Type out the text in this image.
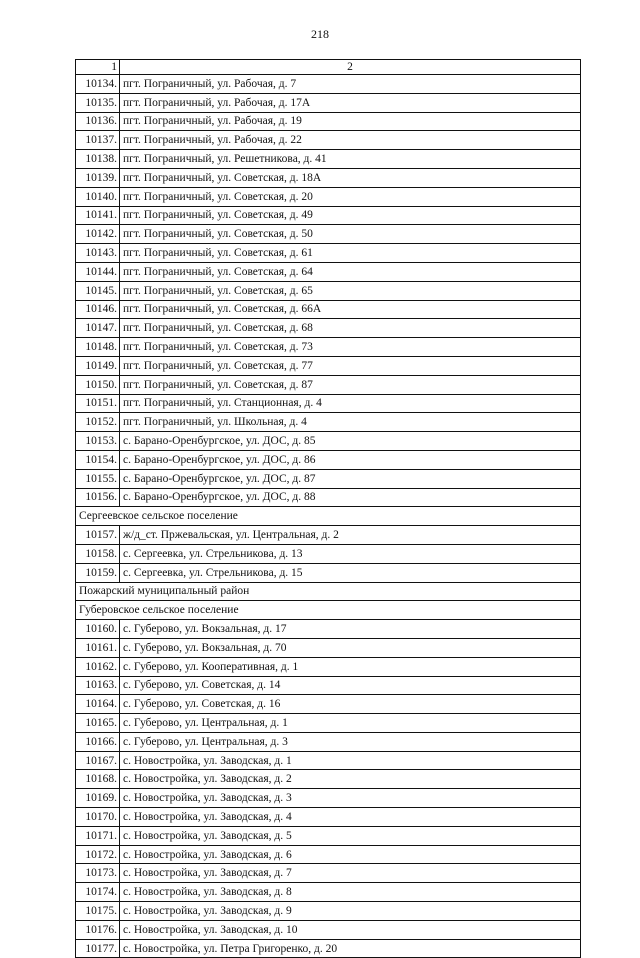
218
1	2
10134.	пгт. Пограничный, ул. Рабочая, д. 7
10135.	пгт. Пограничный, ул. Рабочая, д. 17А
10136.	пгт. Пограничный, ул. Рабочая, д. 19
10137.	пгт. Пограничный, ул. Рабочая, д. 22
10138.	пгт. Пограничный, ул. Решетникова, д. 41
10139.	пгт. Пограничный, ул. Советская, д. 18А
10140.	пгт. Пограничный, ул. Советская, д. 20
10141.	пгт. Пограничный, ул. Советская, д. 49
10142.	пгт. Пограничный, ул. Советская, д. 50
10143.	пгт. Пограничный, ул. Советская, д. 61
10144.	пгт. Пограничный, ул. Советская, д. 64
10145.	пгт. Пограничный, ул. Советская, д. 65
10146.	пгт. Пограничный, ул. Советская, д. 66А
10147.	пгт. Пограничный, ул. Советская, д. 68
10148.	пгт. Пограничный, ул. Советская, д. 73
10149.	пгт. Пограничный, ул. Советская, д. 77
10150.	пгт. Пограничный, ул. Советская, д. 87
10151.	пгт. Пограничный, ул. Станционная, д. 4
10152.	пгт. Пограничный, ул. Школьная, д. 4
10153.	с. Барано-Оренбургское, ул. ДОС, д. 85
10154.	с. Барано-Оренбургское, ул. ДОС, д. 86
10155.	с. Барано-Оренбургское, ул. ДОС, д. 87
10156.	с. Барано-Оренбургское, ул. ДОС, д. 88
Сергеевское сельское поселение	
10157.	ж/д_ст. Пржевальская, ул. Центральная, д. 2
10158.	с. Сергеевка, ул. Стрельникова, д. 13
10159.	с. Сергеевка, ул. Стрельникова, д. 15
Пожарский муниципальный район	
Губеровское сельское поселение	
10160.	с. Губерово, ул. Вокзальная, д. 17
10161.	с. Губерово, ул. Вокзальная, д. 70
10162.	с. Губерово, ул. Кооперативная, д. 1
10163.	с. Губерово, ул. Советская, д. 14
10164.	с. Губерово, ул. Советская, д. 16
10165.	с. Губерово, ул. Центральная, д. 1
10166.	с. Губерово, ул. Центральная, д. 3
10167.	с. Новостройка, ул. Заводская, д. 1
10168.	с. Новостройка, ул. Заводская, д. 2
10169.	с. Новостройка, ул. Заводская, д. 3
10170.	с. Новостройка, ул. Заводская, д. 4
10171.	с. Новостройка, ул. Заводская, д. 5
10172.	с. Новостройка, ул. Заводская, д. 6
10173.	с. Новостройка, ул. Заводская, д. 7
10174.	с. Новостройка, ул. Заводская, д. 8
10175.	с. Новостройка, ул. Заводская, д. 9
10176.	с. Новостройка, ул. Заводская, д. 10
10177.	с. Новостройка, ул. Петра Григоренко, д. 20
